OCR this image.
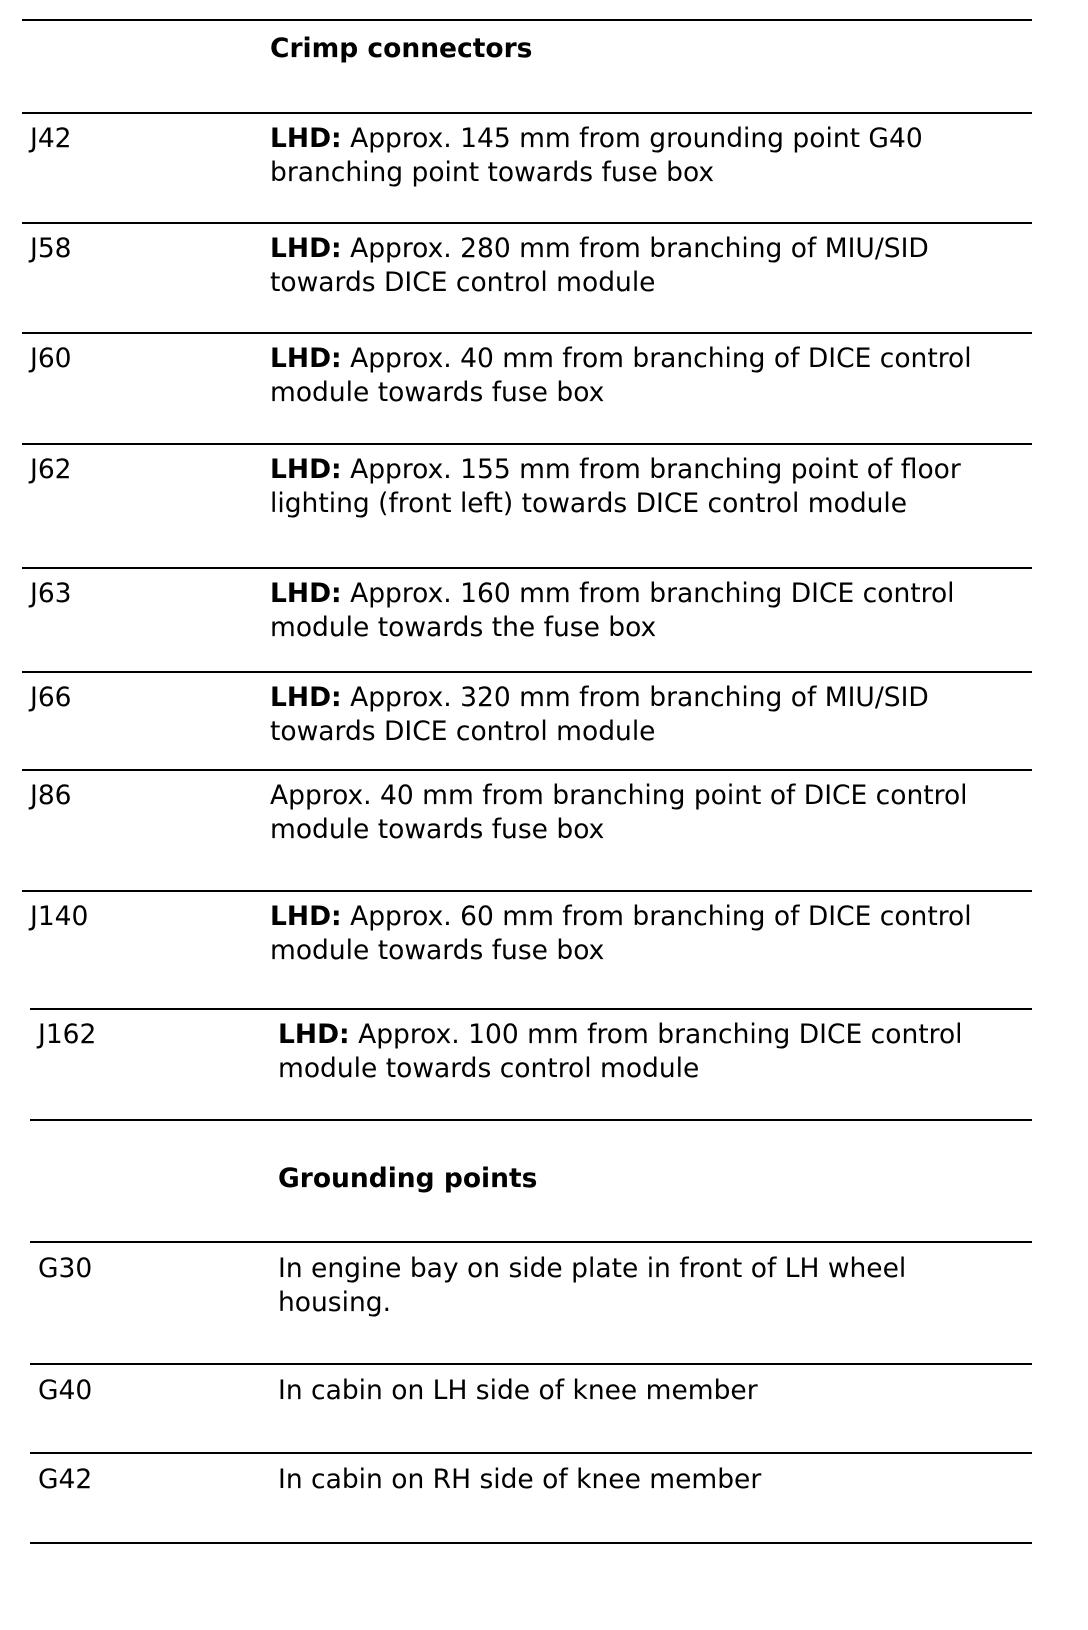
Crimp connectors
J42	LHD: Approx. 145 mm from grounding point G40 branching point towards fuse box
J58	LHD: Approx. 280 mm from branching of MIU/SID towards DICE control module
J60	LHD: Approx. 40 mm from branching of DICE control module towards fuse box
J62	LHD: Approx. 155 mm from branching point of floor lighting (front left) towards DICE control module
J63	LHD: Approx. 160 mm from branching DICE control module towards the fuse box
J66	LHD: Approx. 320 mm from branching of MIU/SID towards DICE control module
J86	Approx. 40 mm from branching point of DICE control module towards fuse box
J140	LHD: Approx. 60 mm from branching of DICE control module towards fuse box
J162	LHD: Approx. 100 mm from branching DICE control module towards control module
Grounding points
G30	In engine bay on side plate in front of LH wheel housing.
G40	In cabin on LH side of knee member
G42	In cabin on RH side of knee member
